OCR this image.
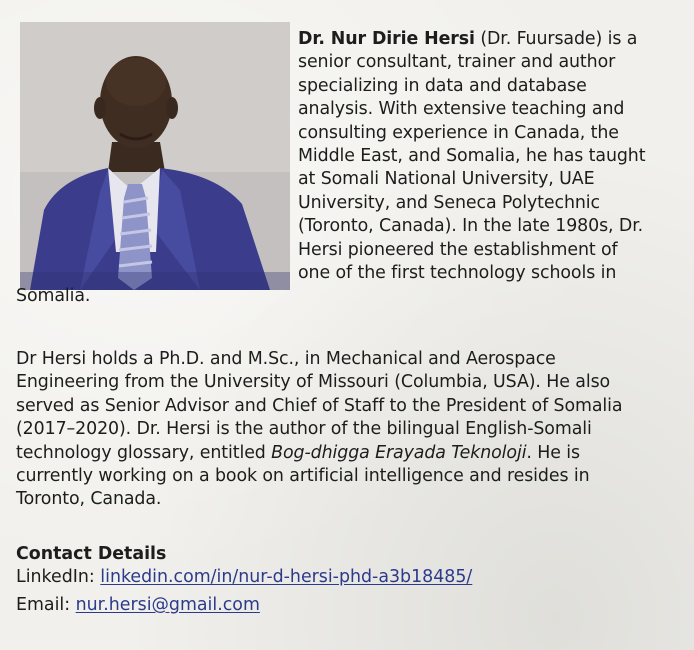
Dr. Nur Dirie Hersi (Dr. Fuursade) is a
senior consultant, trainer and author
specializing in data and database
analysis. With extensive teaching and
consulting experience in Canada, the
Middle East, and Somalia, he has taught
at Somali National University, UAE
University, and Seneca Polytechnic
(Toronto, Canada). In the late 1980s, Dr.
Hersi pioneered the establishment of
one of the first technology schools in
Somalia.
Dr Hersi holds a Ph.D. and M.Sc., in Mechanical and Aerospace
Engineering from the University of Missouri (Columbia, USA). He also
served as Senior Advisor and Chief of Staff to the President of Somalia
(2017–2020). Dr. Hersi is the author of the bilingual English-Somali
technology glossary, entitled Bog-dhigga Erayada Teknoloji. He is
currently working on a book on artificial intelligence and resides in
Toronto, Canada.
Contact Details
LinkedIn: linkedin.com/in/nur-d-hersi-phd-a3b18485/
Email: nur.hersi@gmail.com
